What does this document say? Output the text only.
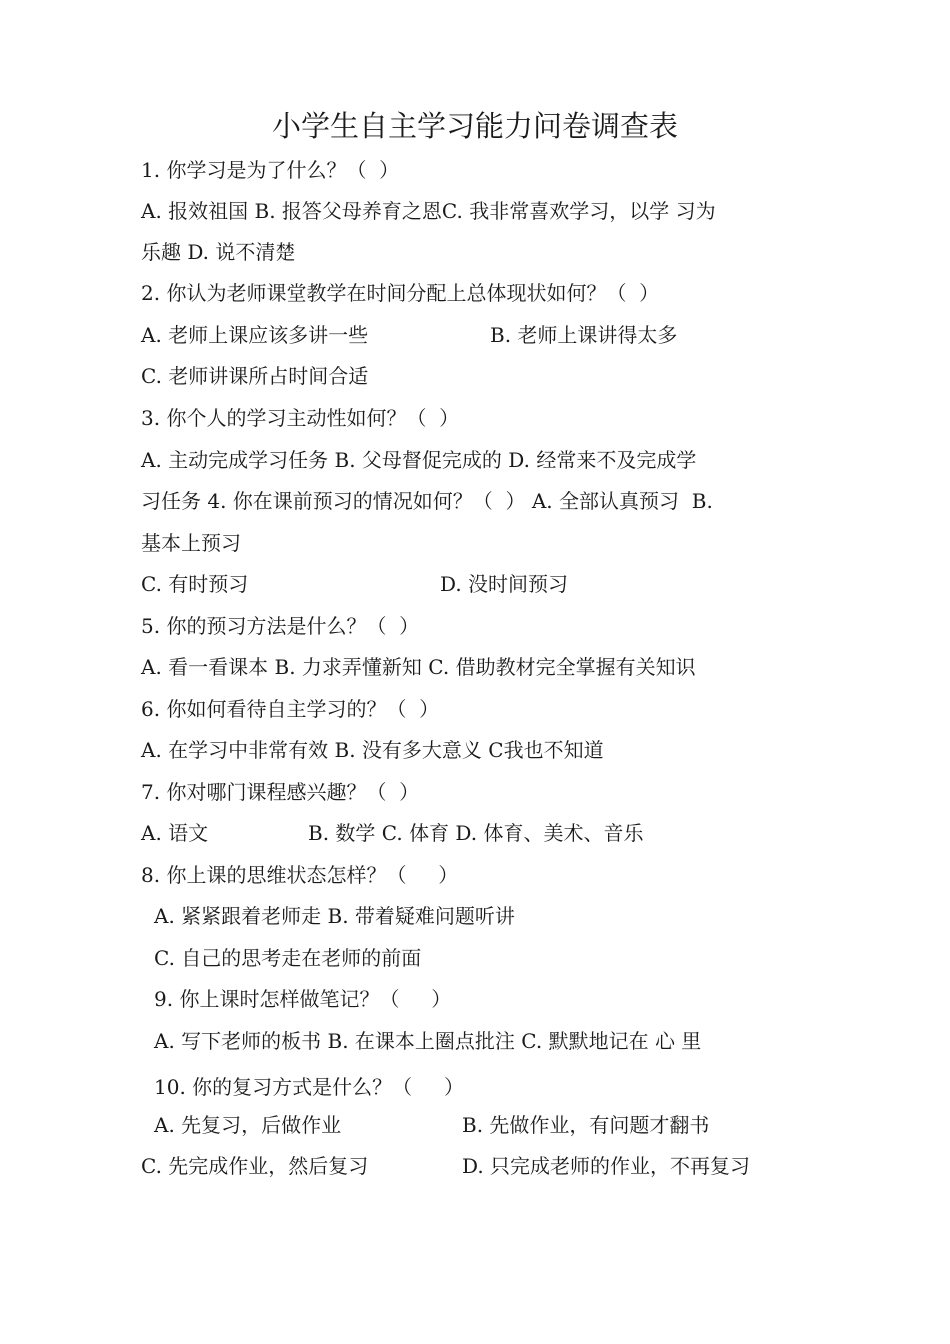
小学生自主学习能力问卷调查表
1. 你学习是为了什么？（  ）
A. 报效祖国 B. 报答父母养育之恩C. 我非常喜欢学习，以学 习为
乐趣 D. 说不清楚
2. 你认为老师课堂教学在时间分配上总体现状如何？（  ）
A. 老师上课应该多讲一些	B. 老师上课讲得太多
C. 老师讲课所占时间合适
3. 你个人的学习主动性如何？（  ）
A. 主动完成学习任务 B. 父母督促完成的 D. 经常来不及完成学
习任务 4. 你在课前预习的情况如何？（  ） A. 全部认真预习  B.
基本上预习
C. 有时预习	D. 没时间预习
5. 你的预习方法是什么？（  ）
A. 看一看课本 B. 力求弄懂新知 C. 借助教材完全掌握有关知识
6. 你如何看待自主学习的？（  ）
A. 在学习中非常有效 B. 没有多大意义 C我也不知道
7. 你对哪门课程感兴趣？（  ）
A. 语文	B. 数学 C. 体育 D. 体育、美术、音乐
8. 你上课的思维状态怎样？（     ）
A. 紧紧跟着老师走 B. 带着疑难问题听讲
C. 自己的思考走在老师的前面
9. 你上课时怎样做笔记？（     ）
A. 写下老师的板书 B. 在课本上圈点批注 C. 默默地记在 心 里
10. 你的复习方式是什么？（     ）
A. 先复习，后做作业	B. 先做作业，有问题才翻书
C. 先完成作业，然后复习	D. 只完成老师的作业，不再复习
